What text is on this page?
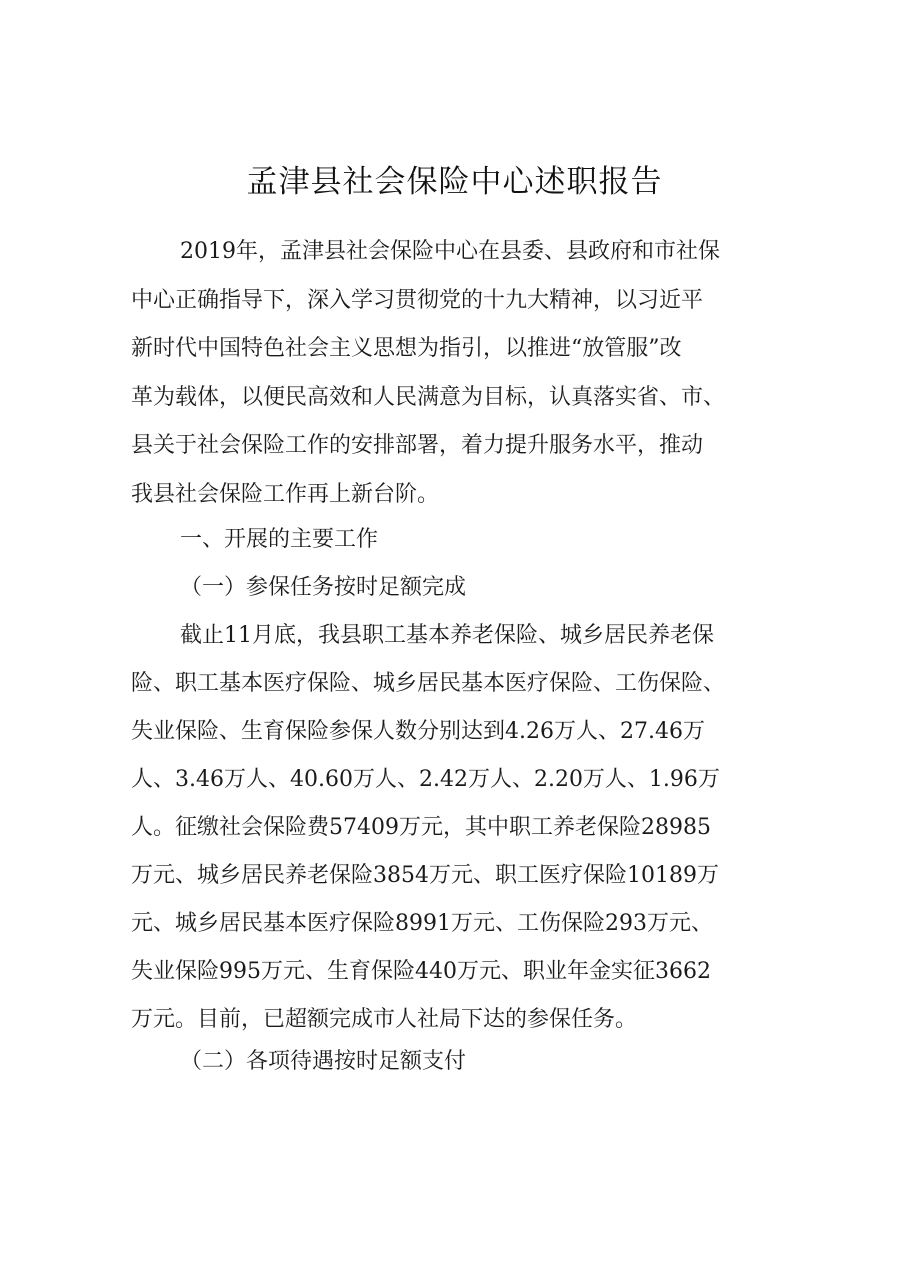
孟津县社会保险中心述职报告
2019年，孟津县社会保险中心在县委、县政府和市社保
中心正确指导下，深入学习贯彻党的十九大精神，以习近平
新时代中国特色社会主义思想为指引，以推进“放管服”改
革为载体，以便民高效和人民满意为目标，认真落实省、市、
县关于社会保险工作的安排部署，着力提升服务水平，推动
我县社会保险工作再上新台阶。
一、开展的主要工作
（一）参保任务按时足额完成
截止11月底，我县职工基本养老保险、城乡居民养老保
险、职工基本医疗保险、城乡居民基本医疗保险、工伤保险、
失业保险、生育保险参保人数分别达到4.26万人、27.46万
人、3.46万人、40.60万人、2.42万人、2.20万人、1.96万
人。征缴社会保险费57409万元，其中职工养老保险28985
万元、城乡居民养老保险3854万元、职工医疗保险10189万
元、城乡居民基本医疗保险8991万元、工伤保险293万元、
失业保险995万元、生育保险440万元、职业年金实征3662
万元。目前，已超额完成市人社局下达的参保任务。
（二）各项待遇按时足额支付
